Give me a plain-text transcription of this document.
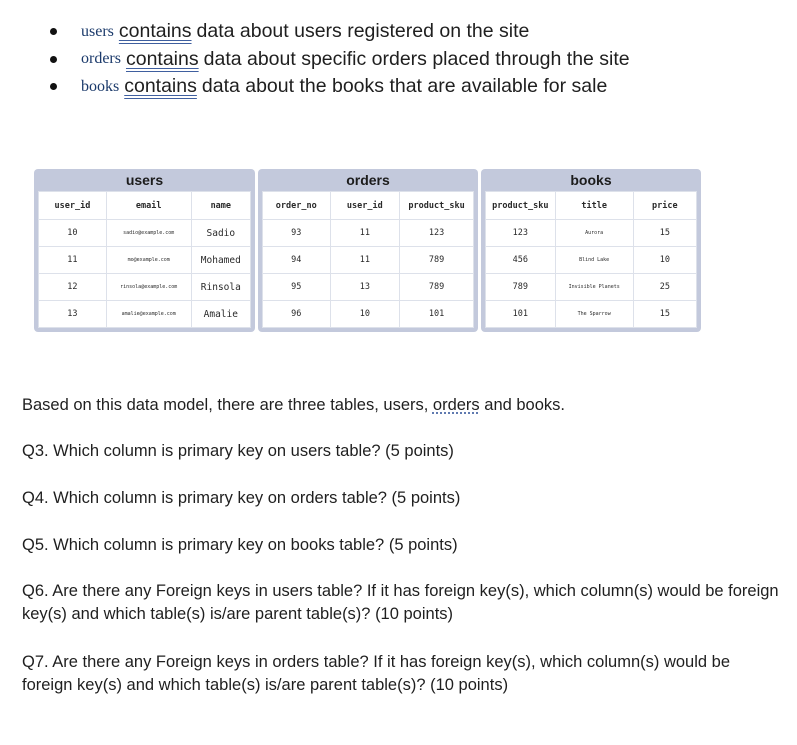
users contains data about users registered on the site
orders contains data about specific orders placed through the site
books contains data about the books that are available for sale
users
user_id	email	name
10	sadio@example.com	Sadio
11	mo@example.com	Mohamed
12	rinsola@example.com	Rinsola
13	amalie@example.com	Amalie
orders
order_no	user_id	product_sku
93	11	123
94	11	789
95	13	789
96	10	101
books
product_sku	title	price
123	Aurora	15
456	Blind Lake	10
789	Invisible Planets	25
101	The Sparrow	15

Based on this data model, there are three tables, users, orders and books.

Q3. Which column is primary key on users table? (5 points)

Q4. Which column is primary key on orders table? (5 points)

Q5. Which column is primary key on books table? (5 points)

Q6. Are there any Foreign keys in users table? If it has foreign key(s), which column(s) would be foreign key(s) and which table(s) is/are parent table(s)? (10 points)

Q7. Are there any Foreign keys in orders table? If it has foreign key(s), which column(s) would be foreign key(s) and which table(s) is/are parent table(s)? (10 points)
